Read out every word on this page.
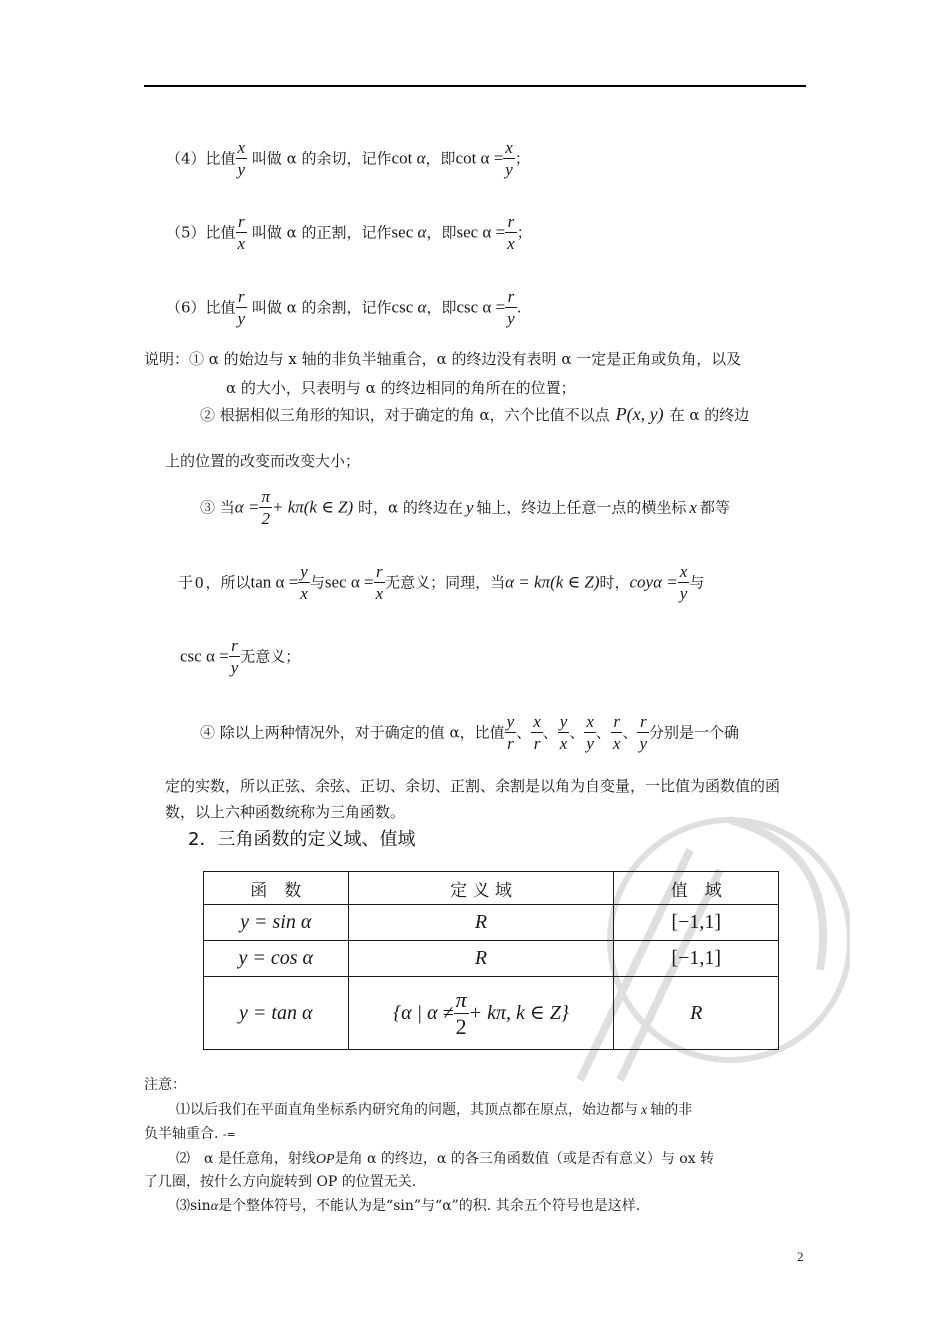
（4）比值 $\frac{x}{y}$ 叫做 α 的余切，记作cot α，即$\cot \alpha = \frac{x}{y}$ ；
（5）比值 $\frac{r}{x}$ 叫做 α 的正割，记作sec α，即$\sec \alpha = \frac{r}{x}$ ；
（6）比值 $\frac{r}{y}$ 叫做 α 的余割，记作csc α，即$\csc \alpha = \frac{r}{y}$ .
说明：① α 的始边与 x 轴的非负半轴重合，α 的终边没有表明 α 一定是正角或负角，以及
α 的大小，只表明与 α 的终边相同的角所在的位置；
② 根据相似三角形的知识，对于确定的角 α，六个比值不以点 P(x, y) 在 α 的终边
上的位置的改变而改变大小；
③ 当$\alpha = \frac{\pi}{2} + k\pi(k$ ∈ Z) 时，α 的终边在 y 轴上，终边上任意一点的横坐标 x 都等
于 0 ，所以$\tan \alpha = \frac{y}{x}$ 与$\sec \alpha = \frac{r}{x}$ 无意义；同理，当α = kπ(k ∈ Z)时，$coy\alpha = \frac{x}{y}$ 与
$\csc \alpha = \frac{r}{y}$ 无意义；
④ 除以上两种情况外，对于确定的值 α，比值 $\frac{y}{r}$ 、 $\frac{x}{r}$ 、 $\frac{y}{x}$ 、 $\frac{x}{y}$ 、 $\frac{r}{x}$ 、 $\frac{r}{y}$ 分别是一个确
定的实数，所以正弦、余弦、正切、余切、正割、余割是以角为自变量，一比值为函数值的函
数，以上六种函数统称为三角函数。
2．三角函数的定义域、值域
函　数	定 义 域	值　域
y = sin α	R	[−1,1]
y = cos α	R	[−1,1]
y = tan α	{α | $\alpha \ne \frac{\pi}{2} + k\pi$, k ∈ Z}	R
注意：
⑴以后我们在平面直角坐标系内研究角的问题，其顶点都在原点，始边都与 x 轴的非
负半轴重合. -=
⑵　α 是任意角，射线OP是角 α 的终边，α 的各三角函数值（或是否有意义）与 ox 转
了几圈，按什么方向旋转到 OP 的位置无关.
⑶sinα是个整体符号，不能认为是“sin”与“α”的积. 其余五个符号也是这样.
2
